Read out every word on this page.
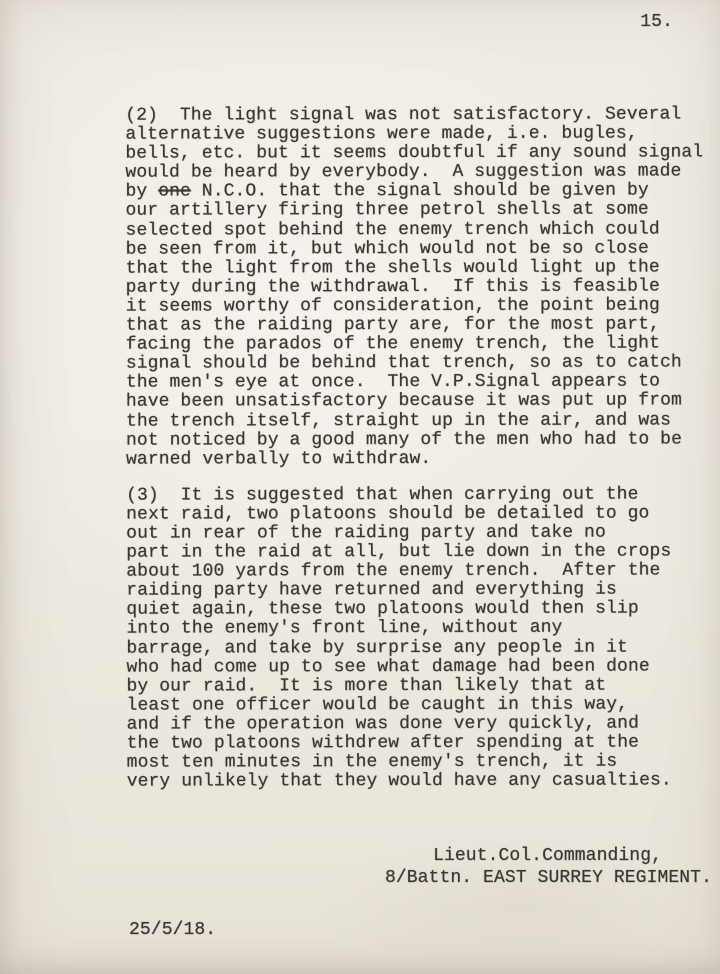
15.
(2)  The light signal was not satisfactory. Several
alternative suggestions were made, i.e. bugles,
bells, etc. but it seems doubtful if any sound signal
would be heard by everybody.  A suggestion was made
by one N.C.O. that the signal should be given by
our artillery firing three petrol shells at some
selected spot behind the enemy trench which could
be seen from it, but which would not be so close
that the light from the shells would light up the
party during the withdrawal.  If this is feasible
it seems worthy of consideration, the point being
that as the raiding party are, for the most part,
facing the parados of the enemy trench, the light
signal should be behind that trench, so as to catch
the men's eye at once.  The V.P.Signal appears to
have been unsatisfactory because it was put up from
the trench itself, straight up in the air, and was
not noticed by a good many of the men who had to be
warned verbally to withdraw.
(3)  It is suggested that when carrying out the
next raid, two platoons should be detailed to go
out in rear of the raiding party and take no
part in the raid at all, but lie down in the crops
about 100 yards from the enemy trench.  After the
raiding party have returned and everything is
quiet again, these two platoons would then slip
into the enemy's front line, without any
barrage, and take by surprise any people in it
who had come up to see what damage had been done
by our raid.  It is more than likely that at
least one officer would be caught in this way,
and if the operation was done very quickly, and
the two platoons withdrew after spending at the
most ten minutes in the enemy's trench, it is
very unlikely that they would have any casualties.
Lieut.Col.Commanding,
8/Battn. EAST SURREY REGIMENT.
25/5/18.
